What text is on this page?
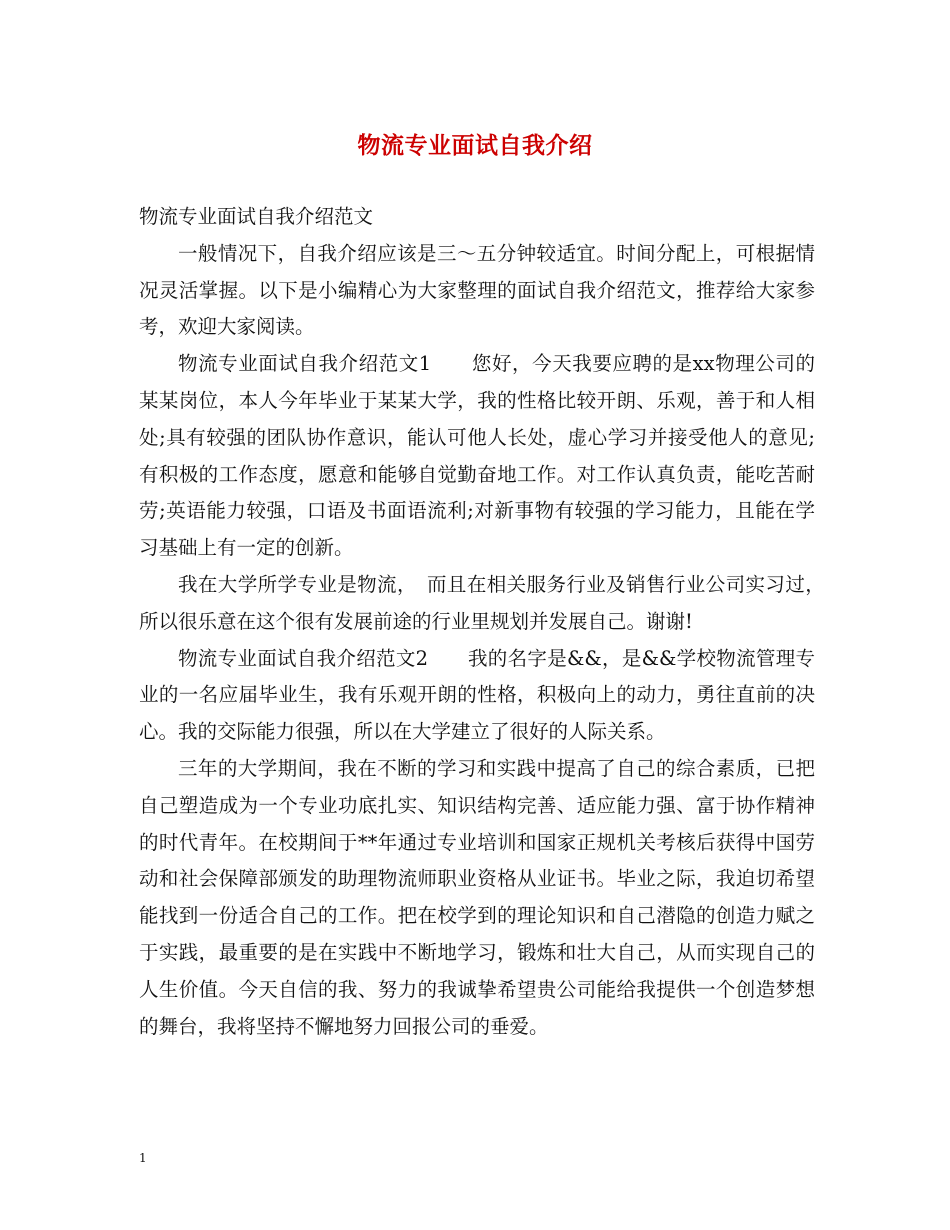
物流专业面试自我介绍

物流专业面试自我介绍范文

一般情况下，自我介绍应该是三～五分钟较适宜。时间分配上，可根据情况灵活掌握。以下是小编精心为大家整理的面试自我介绍范文，推荐给大家参考，欢迎大家阅读。

物流专业面试自我介绍范文1　　您好，今天我要应聘的是xx物理公司的某某岗位，本人今年毕业于某某大学，我的性格比较开朗、乐观，善于和人相处;具有较强的团队协作意识，能认可他人长处，虚心学习并接受他人的意见;有积极的工作态度，愿意和能够自觉勤奋地工作。对工作认真负责，能吃苦耐劳;英语能力较强，口语及书面语流利;对新事物有较强的学习能力，且能在学习基础上有一定的创新。

我在大学所学专业是物流，　而且在相关服务行业及销售行业公司实习过，　所以很乐意在这个很有发展前途的行业里规划并发展自己。谢谢!

物流专业面试自我介绍范文2　　我的名字是&&，是&&学校物流管理专业的一名应届毕业生，我有乐观开朗的性格，积极向上的动力，勇往直前的决心。我的交际能力很强，所以在大学建立了很好的人际关系。

三年的大学期间，我在不断的学习和实践中提高了自己的综合素质，已把自己塑造成为一个专业功底扎实、知识结构完善、适应能力强、富于协作精神的时代青年。在校期间于**年通过专业培训和国家正规机关考核后获得中国劳动和社会保障部颁发的助理物流师职业资格从业证书。毕业之际，我迫切希望能找到一份适合自己的工作。把在校学到的理论知识和自己潜隐的创造力赋之于实践，最重要的是在实践中不断地学习，锻炼和壮大自己，从而实现自己的人生价值。今天自信的我、努力的我诚挚希望贵公司能给我提供一个创造梦想的舞台，我将坚持不懈地努力回报公司的垂爱。

1
